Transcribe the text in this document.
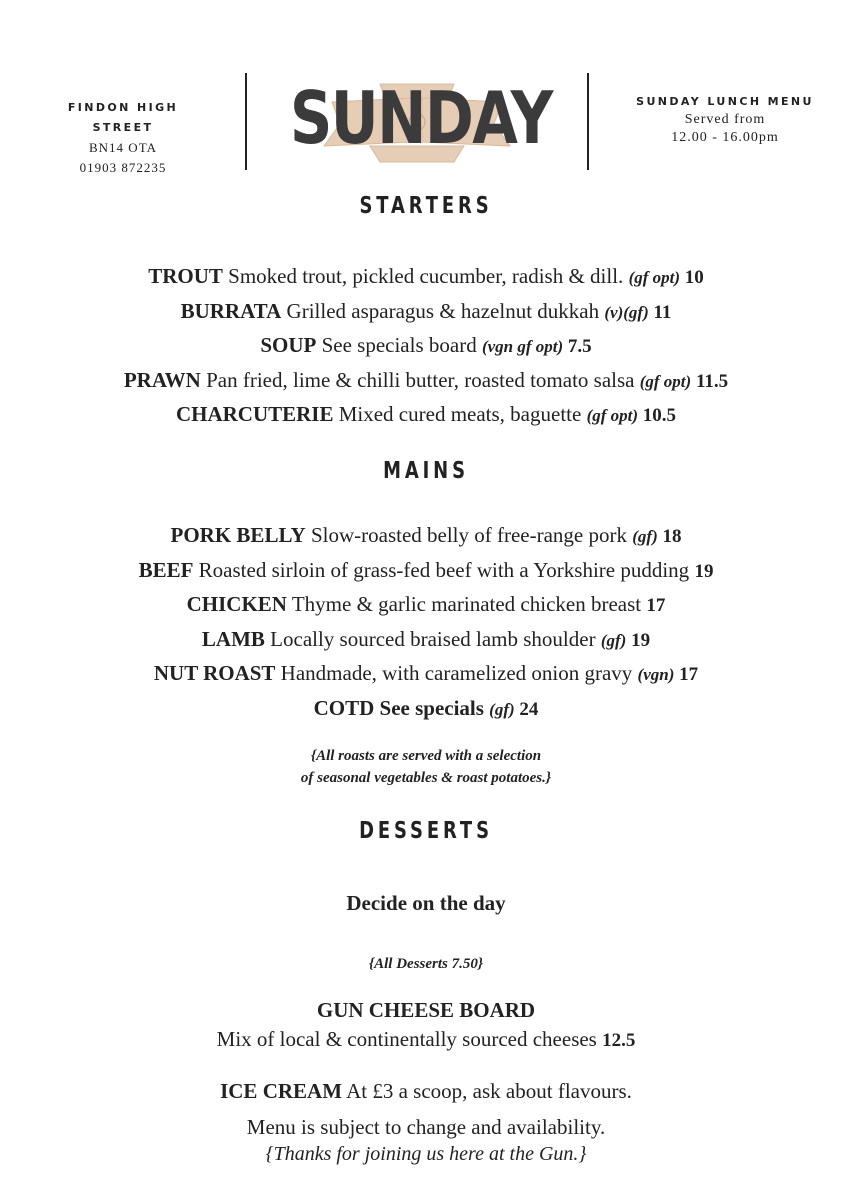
FINDON HIGH STREET
BN14 OTA
01903 872235
SUNDAY	SUNDAY LUNCH MENU
Served from
12.00 - 16.00pm
STARTERS
TROUT Smoked trout, pickled cucumber, radish & dill. (gf opt) 10
BURRATA Grilled asparagus & hazelnut dukkah (v)(gf) 11
SOUP See specials board (vgn gf opt) 7.5
PRAWN Pan fried, lime & chilli butter, roasted tomato salsa (gf opt) 11.5
CHARCUTERIE Mixed cured meats, baguette (gf opt) 10.5
MAINS
PORK BELLY Slow-roasted belly of free-range pork (gf) 18
BEEF Roasted sirloin of grass-fed beef with a Yorkshire pudding 19
CHICKEN Thyme & garlic marinated chicken breast 17
LAMB Locally sourced braised lamb shoulder (gf) 19
NUT ROAST Handmade, with caramelized onion gravy (vgn) 17
COTD See specials (gf) 24
{All roasts are served with a selection
of seasonal vegetables & roast potatoes.}
DESSERTS
Decide on the day
{All Desserts 7.50}
GUN CHEESE BOARD
Mix of local & continentally sourced cheeses 12.5
ICE CREAM At £3 a scoop, ask about flavours.
Menu is subject to change and availability.
{Thanks for joining us here at the Gun.}
